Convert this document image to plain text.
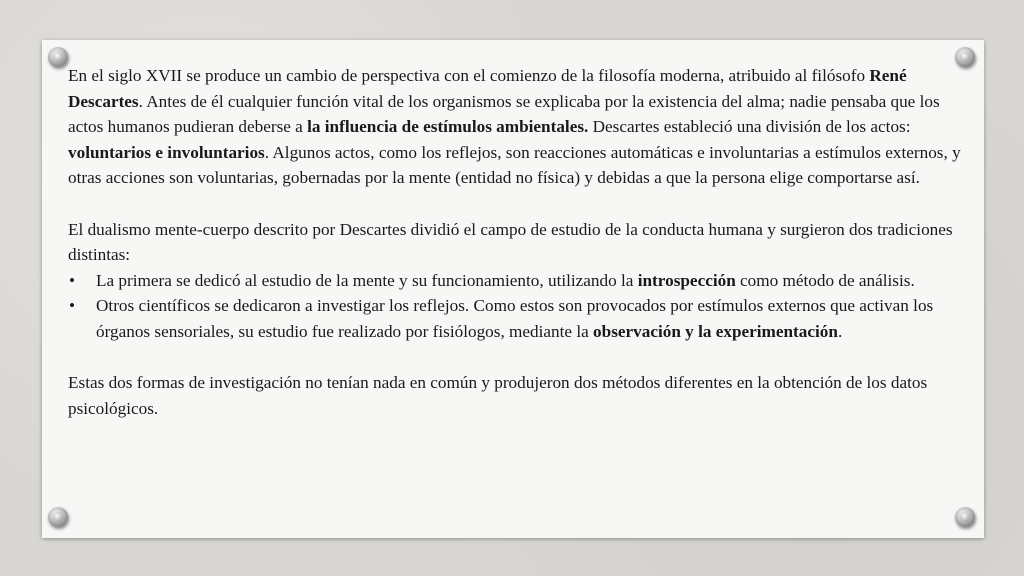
En el siglo XVII se produce un cambio de perspectiva con el comienzo de la filosofía moderna, atribuido al filósofo René Descartes. Antes de él cualquier función vital de los organismos se explicaba por la existencia del alma; nadie pensaba que los actos humanos pudieran deberse a la influencia de estímulos ambientales. Descartes estableció una división de los actos: voluntarios e involuntarios. Algunos actos, como los reflejos, son reacciones automáticas e involuntarias a estímulos externos, y otras acciones son voluntarias, gobernadas por la mente (entidad no física) y debidas a que la persona elige comportarse así.

El dualismo mente-cuerpo descrito por Descartes dividió el campo de estudio de la conducta humana y surgieron dos tradiciones distintas:

• La primera se dedicó al estudio de la mente y su funcionamiento, utilizando la introspección como método de análisis.
• Otros científicos se dedicaron a investigar los reflejos. Como estos son provocados por estímulos externos que activan los órganos sensoriales, su estudio fue realizado por fisiólogos, mediante la observación y la experimentación.

Estas dos formas de investigación no tenían nada en común y produjeron dos métodos diferentes en la obtención de los datos psicológicos.
